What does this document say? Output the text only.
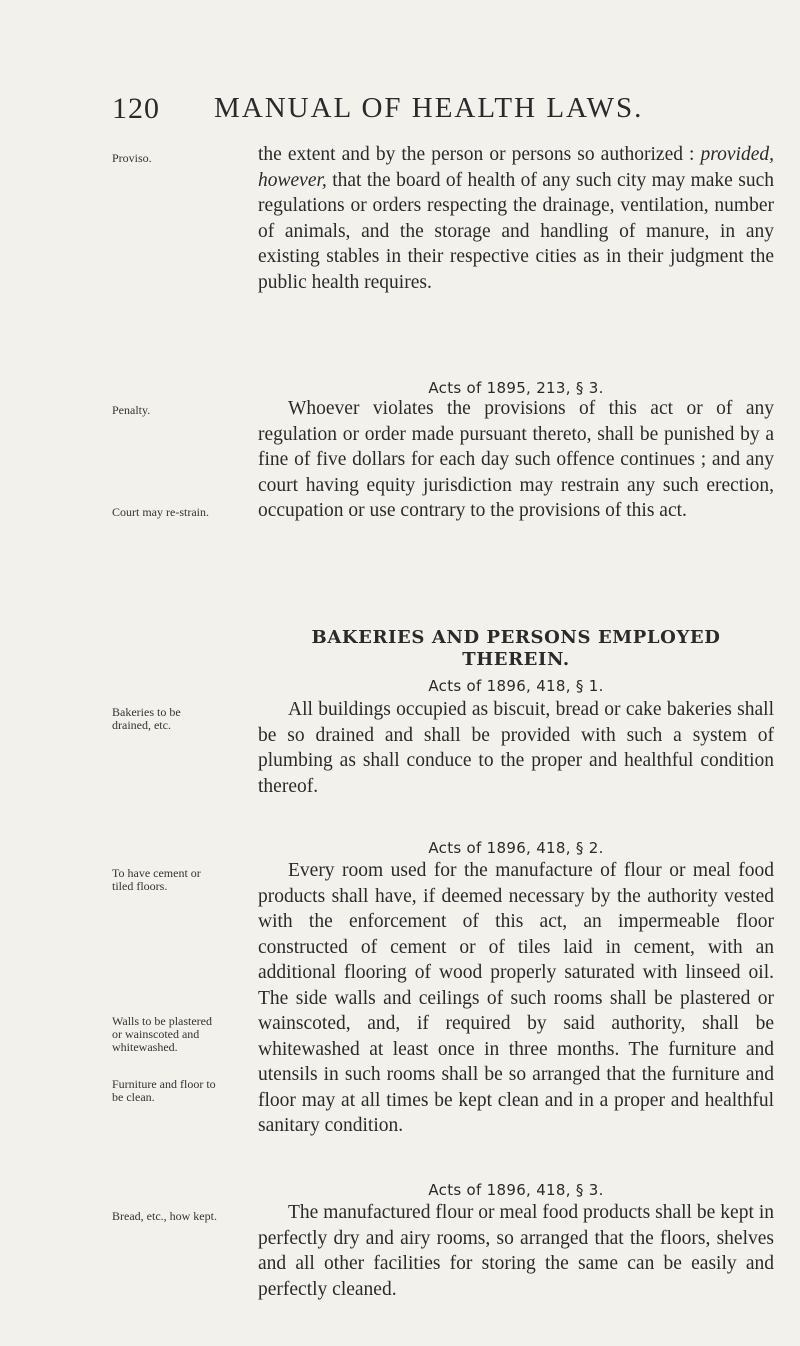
120 MANUAL OF HEALTH LAWS.
Proviso.	the extent and by the person or persons so authorized : provided, however, that the board of health of any such city may make such regulations or orders respecting the drainage, ventilation, number of animals, and the storage and handling of manure, in any existing stables in their respective cities as in their judgment the public health requires.

Acts of 1895, 213, § 3.
Penalty.
Court may re-strain.

Whoever violates the provisions of this act or of any regulation or order made pursuant thereto, shall be punished by a fine of five dollars for each day such offence continues ; and any court having equity jurisdiction may restrain any such erection, occupation or use contrary to the provisions of this act.

BAKERIES AND PERSONS EMPLOYED THEREIN.
Acts of 1896, 418, § 1.
Bakeries to be drained, etc.

All buildings occupied as biscuit, bread or cake bakeries shall be so drained and shall be provided with such a system of plumbing as shall conduce to the proper and healthful condition thereof.

Acts of 1896, 418, § 2.
To have cement or tiled floors.
Walls to be plastered or wainscoted and whitewashed.
Furniture and floor to be clean.

Every room used for the manufacture of flour or meal food products shall have, if deemed necessary by the authority vested with the enforcement of this act, an impermeable floor constructed of cement or of tiles laid in cement, with an additional flooring of wood properly saturated with linseed oil. The side walls and ceilings of such rooms shall be plastered or wainscoted, and, if required by said authority, shall be whitewashed at least once in three months. The furniture and utensils in such rooms shall be so arranged that the furniture and floor may at all times be kept clean and in a proper and healthful sanitary condition.

Acts of 1896, 418, § 3.
Bread, etc., how kept.	The manufactured flour or meal food products shall be kept in perfectly dry and airy rooms, so arranged that the floors, shelves and all other facilities for storing the same can be easily and perfectly cleaned.
